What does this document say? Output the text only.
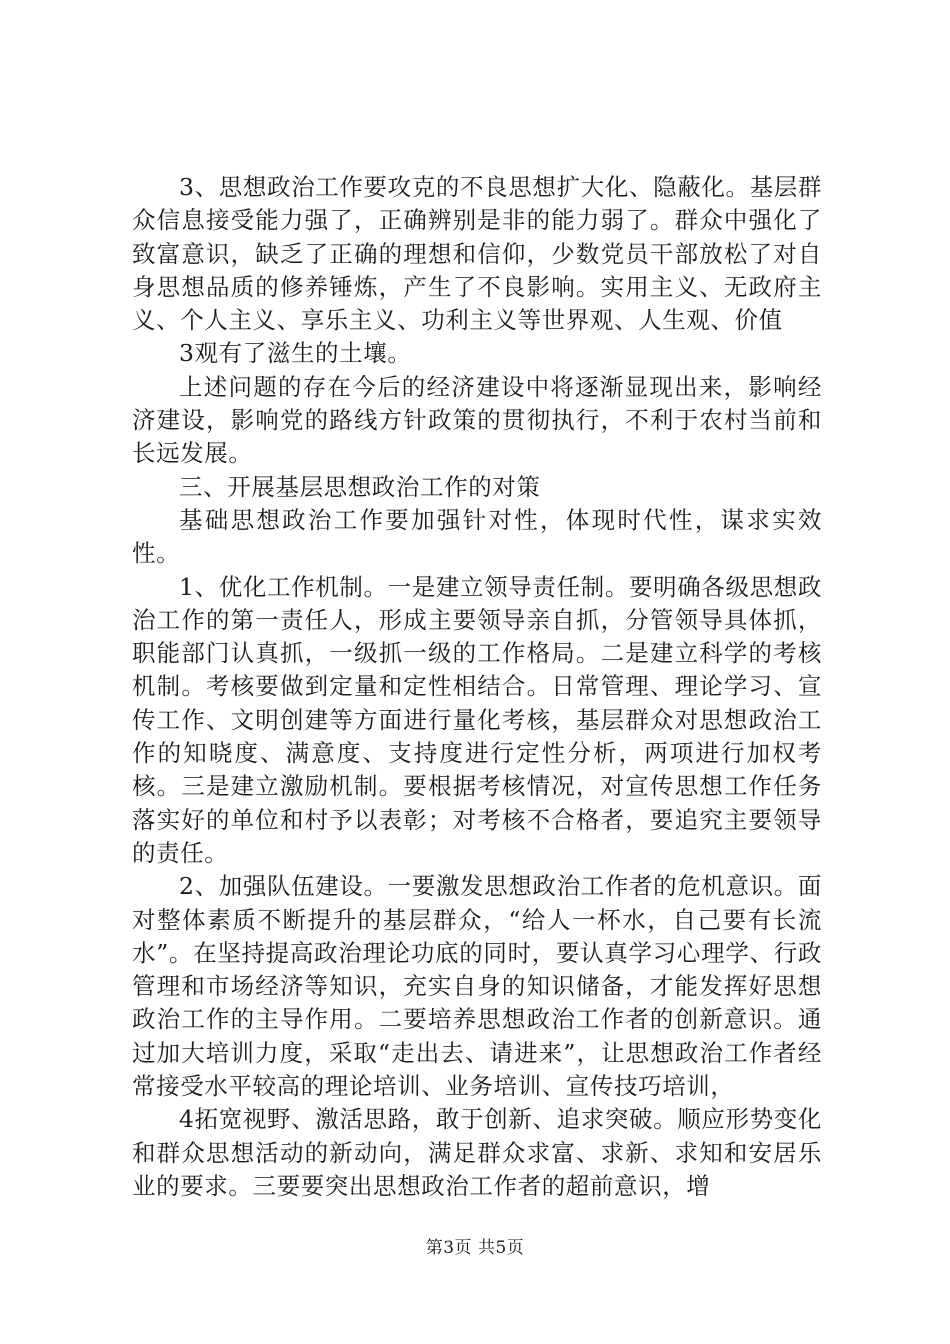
3、思想政治工作要攻克的不良思想扩大化、隐蔽化。基层群众信息接受能力强了，正确辨别是非的能力弱了。群众中强化了致富意识，缺乏了正确的理想和信仰，少数党员干部放松了对自身思想品质的修养锤炼，产生了不良影响。实用主义、无政府主义、个人主义、享乐主义、功利主义等世界观、人生观、价值

3观有了滋生的土壤。

上述问题的存在今后的经济建设中将逐渐显现出来，影响经济建设，影响党的路线方针政策的贯彻执行，不利于农村当前和长远发展。

三、开展基层思想政治工作的对策

基础思想政治工作要加强针对性，体现时代性，谋求实效性。

1、优化工作机制。一是建立领导责任制。要明确各级思想政治工作的第一责任人，形成主要领导亲自抓，分管领导具体抓，职能部门认真抓，一级抓一级的工作格局。二是建立科学的考核机制。考核要做到定量和定性相结合。日常管理、理论学习、宣传工作、文明创建等方面进行量化考核，基层群众对思想政治工作的知晓度、满意度、支持度进行定性分析，两项进行加权考核。三是建立激励机制。要根据考核情况，对宣传思想工作任务落实好的单位和村予以表彰；对考核不合格者，要追究主要领导的责任。

2、加强队伍建设。一要激发思想政治工作者的危机意识。面对整体素质不断提升的基层群众，“给人一杯水，自己要有长流水”。在坚持提高政治理论功底的同时，要认真学习心理学、行政管理和市场经济等知识，充实自身的知识储备，才能发挥好思想政治工作的主导作用。二要培养思想政治工作者的创新意识。通过加大培训力度，采取“走出去、请进来”，让思想政治工作者经常接受水平较高的理论培训、业务培训、宣传技巧培训，

4拓宽视野、激活思路，敢于创新、追求突破。顺应形势变化和群众思想活动的新动向，满足群众求富、求新、求知和安居乐业的要求。三要要突出思想政治工作者的超前意识，增

第3页 共5页
